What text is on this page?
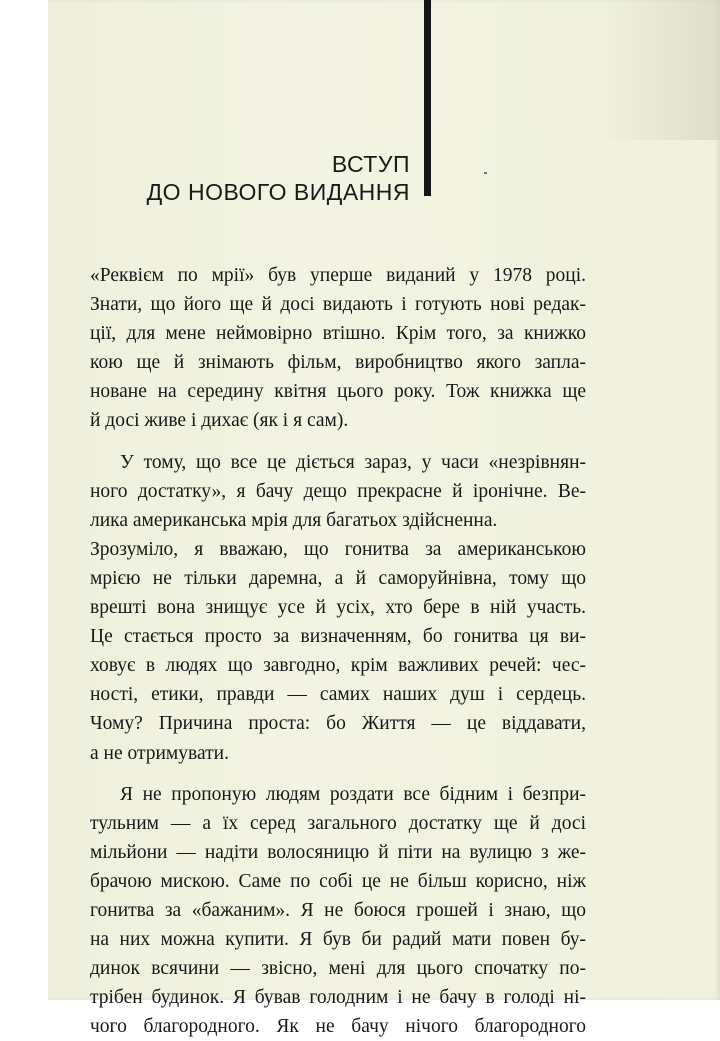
ВСТУП
ДО НОВОГО ВИДАННЯ
«Реквієм по мрії» був уперше виданий у 1978 році.
Знати, що його ще й досі видають і готують нові редак-
ції, для мене неймовірно втішно. Крім того, за книжко
кою ще й знімають фільм, виробництво якого запла-
новане на середину квітня цього року. Тож книжка ще
й досі живе і дихає (як і я сам).
У тому, що все це діється зараз, у часи «незрівнян-
ного достатку», я бачу дещо прекрасне й іронічне. Ве-
лика американська мрія для багатьох здійсненна.
Зрозуміло, я вважаю, що гонитва за американською
мрією не тільки даремна, а й саморуйнівна, тому що
врешті вона знищує усе й усіх, хто бере в ній участь.
Це стається просто за визначенням, бо гонитва ця ви-
ховує в людях що завгодно, крім важливих речей: чес-
ності, етики, правди — самих наших душ і сердець.
Чому? Причина проста: бо Життя — це віддавати,
а не отримувати.
Я не пропоную людям роздати все бідним і безпри-
тульним — а їх серед загального достатку ще й досі
мільйони — надіти волосяницю й піти на вулицю з же-
брачою мискою. Саме по собі це не більш корисно, ніж
гонитва за «бажаним». Я не боюся грошей і знаю, що
на них можна купити. Я був би радий мати повен бу-
динок всячини — звісно, мені для цього спочатку по-
трібен будинок. Я бував голодним і не бачу в голоді ні-
чого благородного. Як не бачу нічого благородного
